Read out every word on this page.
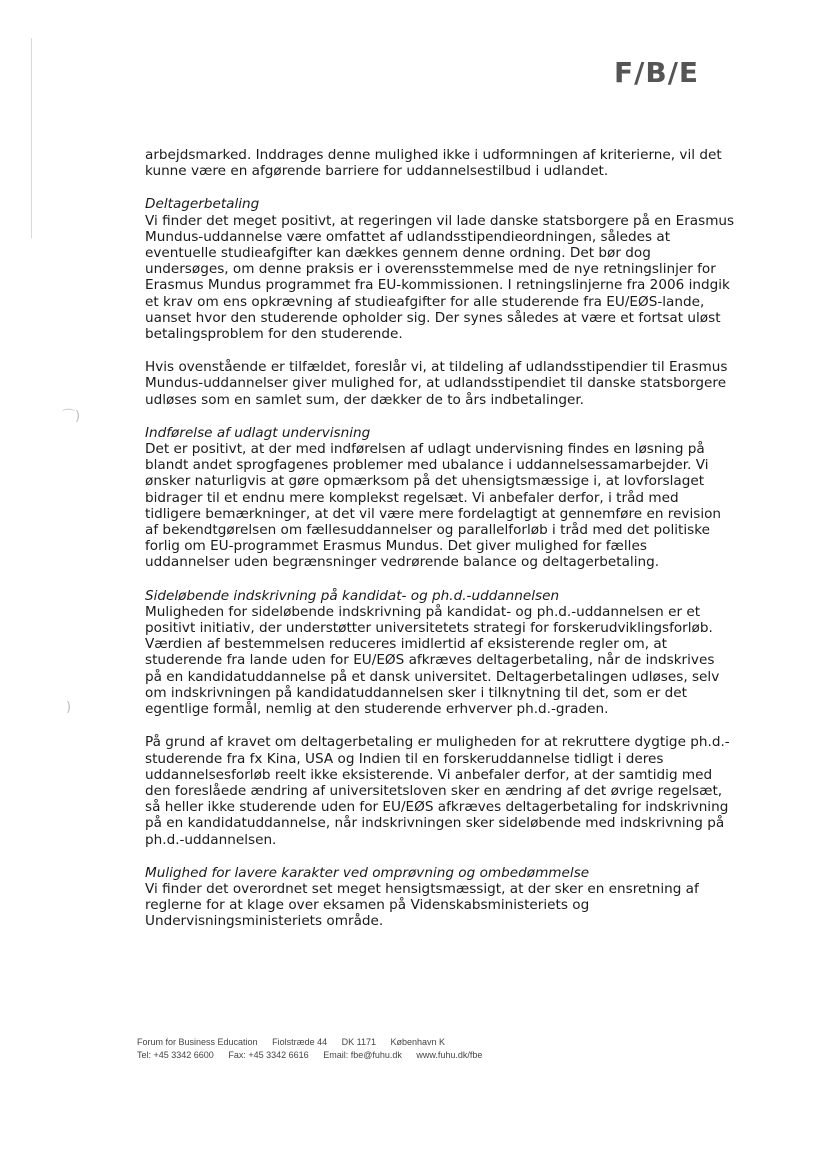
⌒)
)
F/B/E

arbejdsmarked. Inddrages denne mulighed ikke i udformningen af kriterierne, vil det kunne være en afgørende barriere for uddannelsestilbud i udlandet.

Deltagerbetaling

Vi finder det meget positivt, at regeringen vil lade danske statsborgere på en Erasmus Mundus-uddannelse være omfattet af udlandsstipendieordningen, således at eventuelle studieafgifter kan dækkes gennem denne ordning. Det bør dog undersøges, om denne praksis er i overensstemmelse med de nye retningslinjer for Erasmus Mundus programmet fra EU-kommissionen. I retningslinjerne fra 2006 indgik et krav om ens opkrævning af studieafgifter for alle studerende fra EU/EØS-lande, uanset hvor den studerende opholder sig. Der synes således at være et fortsat uløst betalingsproblem for den studerende.

Hvis ovenstående er tilfældet, foreslår vi, at tildeling af udlandsstipendier til Erasmus Mundus-uddannelser giver mulighed for, at udlandsstipendiet til danske statsborgere udløses som en samlet sum, der dækker de to års indbetalinger.

Indførelse af udlagt undervisning

Det er positivt, at der med indførelsen af udlagt undervisning findes en løsning på blandt andet sprogfagenes problemer med ubalance i uddannelsessamarbejder. Vi ønsker naturligvis at gøre opmærksom på det uhensigtsmæssige i, at lovforslaget bidrager til et endnu mere komplekst regelsæt. Vi anbefaler derfor, i tråd med tidligere bemærkninger, at det vil være mere fordelagtigt at gennemføre en revision af bekendtgørelsen om fællesuddannelser og parallelforløb i tråd med det politiske forlig om EU-programmet Erasmus Mundus. Det giver mulighed for fælles uddannelser uden begrænsninger vedrørende balance og deltagerbetaling.

Sideløbende indskrivning på kandidat- og ph.d.-uddannelsen

Muligheden for sideløbende indskrivning på kandidat- og ph.d.-uddannelsen er et positivt initiativ, der understøtter universitetets strategi for forskerudviklingsforløb. Værdien af bestemmelsen reduceres imidlertid af eksisterende regler om, at studerende fra lande uden for EU/EØS afkræves deltagerbetaling, når de indskrives på en kandidatuddannelse på et dansk universitet. Deltagerbetalingen udløses, selv om indskrivningen på kandidatuddannelsen sker i tilknytning til det, som er det egentlige formål, nemlig at den studerende erhverver ph.d.-graden.

På grund af kravet om deltagerbetaling er muligheden for at rekruttere dygtige ph.d.-studerende fra fx Kina, USA og Indien til en forskeruddannelse tidligt i deres uddannelsesforløb reelt ikke eksisterende. Vi anbefaler derfor, at der samtidig med den foreslåede ændring af universitetsloven sker en ændring af det øvrige regelsæt, så heller ikke studerende uden for EU/EØS afkræves deltagerbetaling for indskrivning på en kandidatuddannelse, når indskrivningen sker sideløbende med indskrivning på ph.d.-uddannelsen.

Mulighed for lavere karakter ved omprøvning og ombedømmelse

Vi finder det overordnet set meget hensigtsmæssigt, at der sker en ensretning af reglerne for at klage over eksamen på Videnskabsministeriets og Undervisningsministeriets område.

Forum for Business Education Fiolstræde 44 DK 1171 København K
Tel: +45 3342 6600 Fax: +45 3342 6616 Email: fbe@fuhu.dk www.fuhu.dk/fbe
